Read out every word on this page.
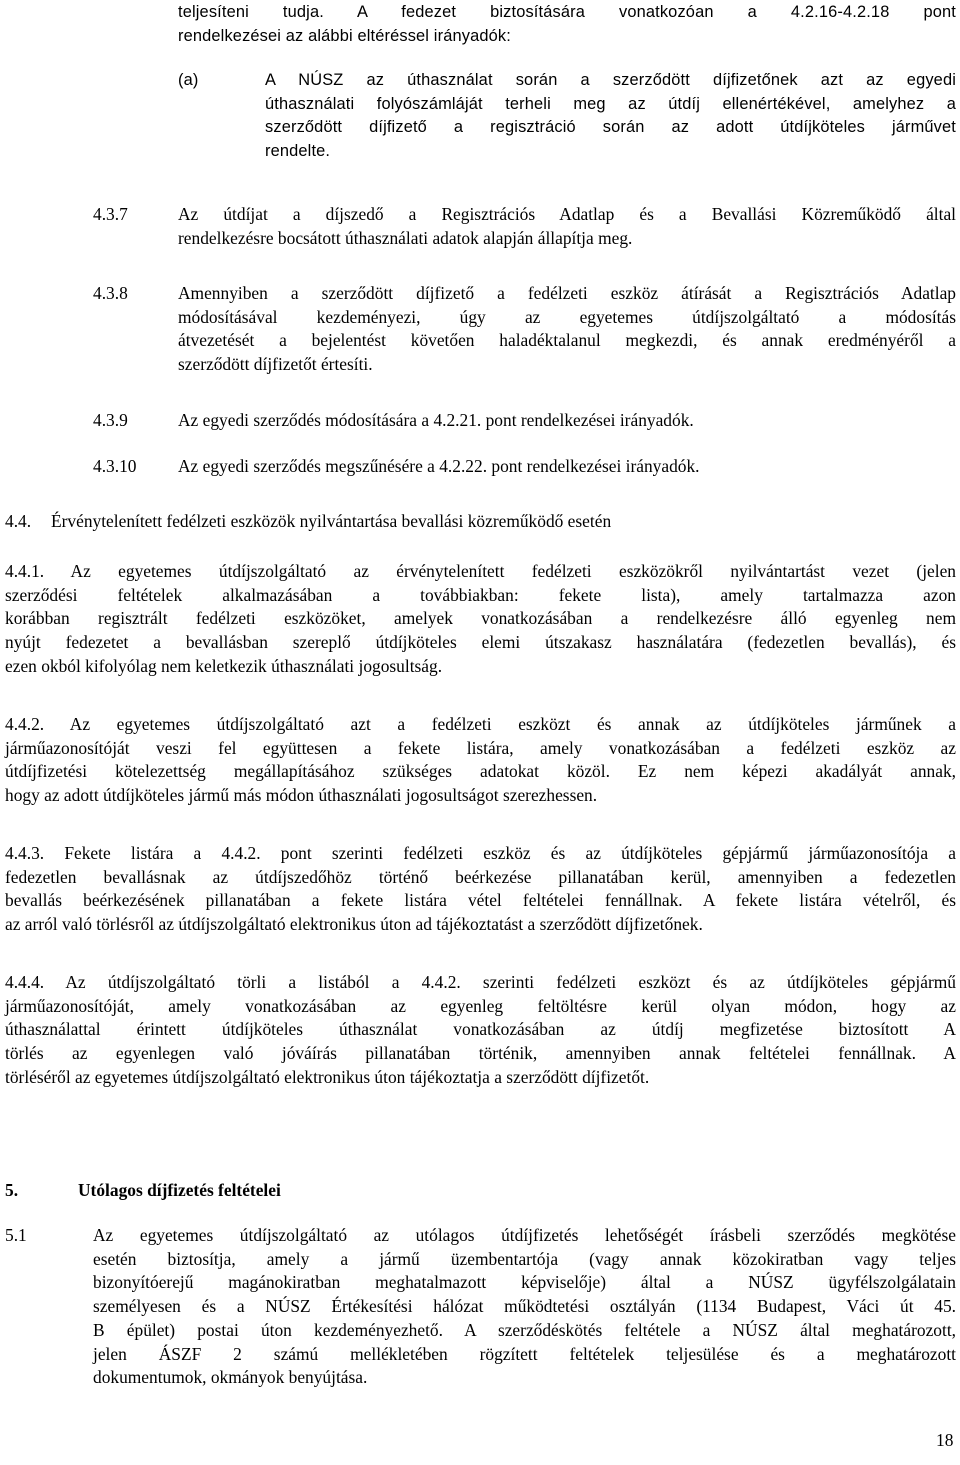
teljesíteni tudja. A fedezet biztosítására vonatkozóan a 4.2.16-4.2.18 pont

rendelkezései az alábbi eltéréssel irányadók:

(a)	A NÚSZ az úthasználat során a szerződött díjfizetőnek azt az egyedi

úthasználati folyószámláját terheli meg az útdíj ellenértékével, amelyhez a

szerződött díjfizető a regisztráció során az adott útdíjköteles járművet

rendelte.

4.3.7	Az útdíjat a díjszedő a Regisztrációs Adatlap és a Bevallási Közreműködő által

rendelkezésre bocsátott úthasználati adatok alapján állapítja meg.

4.3.8	Amennyiben a szerződött díjfizető a fedélzeti eszköz átírását a Regisztrációs Adatlap

módosításával kezdeményezi, úgy az egyetemes útdíjszolgáltató a módosítás

átvezetését a bejelentést követően haladéktalanul megkezdi, és annak eredményéről a

szerződött díjfizetőt értesíti.

4.3.9	Az egyedi szerződés módosítására a 4.2.21. pont rendelkezései irányadók.

4.3.10 Az egyedi szerződés megszűnésére a 4.2.22. pont rendelkezései irányadók.

4.4. Érvénytelenített fedélzeti eszközök nyilvántartása bevallási közreműködő esetén

4.4.1. Az egyetemes útdíjszolgáltató az érvénytelenített fedélzeti eszközökről nyilvántartást vezet (jelen

szerződési feltételek alkalmazásában a továbbiakban: fekete lista), amely tartalmazza azon

korábban regisztrált fedélzeti eszközöket, amelyek vonatkozásában a rendelkezésre álló egyenleg nem

nyújt fedezetet a bevallásban szereplő útdíjköteles elemi útszakasz használatára (fedezetlen bevallás), és

ezen okból kifolyólag nem keletkezik úthasználati jogosultság.

4.4.2. Az egyetemes útdíjszolgáltató azt a fedélzeti eszközt és annak az útdíjköteles járműnek a

járműazonosítóját veszi fel együttesen a fekete listára, amely vonatkozásában a fedélzeti eszköz az

útdíjfizetési kötelezettség megállapításához szükséges adatokat közöl. Ez nem képezi akadályát annak,

hogy az adott útdíjköteles jármű más módon úthasználati jogosultságot szerezhessen.

4.4.3. Fekete listára a 4.4.2. pont szerinti fedélzeti eszköz és az útdíjköteles gépjármű járműazonosítója a

fedezetlen bevallásnak az útdíjszedőhöz történő beérkezése pillanatában kerül, amennyiben a fedezetlen

bevallás beérkezésének pillanatában a fekete listára vétel feltételei fennállnak. A fekete listára vételről, és

az arról való törlésről az útdíjszolgáltató elektronikus úton ad tájékoztatást a szerződött díjfizetőnek.

4.4.4. Az útdíjszolgáltató törli a listából a 4.4.2. szerinti fedélzeti eszközt és az útdíjköteles gépjármű

járműazonosítóját, amely vonatkozásában az egyenleg feltöltésre kerül olyan módon, hogy az

úthasználattal érintett útdíjköteles úthasználat vonatkozásában az útdíj megfizetése biztosított A

törlés az egyenlegen való jóváírás pillanatában történik, amennyiben annak feltételei fennállnak. A

törléséről az egyetemes útdíjszolgáltató elektronikus úton tájékoztatja a szerződött díjfizetőt.

5.	Utólagos díjfizetés feltételei

5.1	Az egyetemes útdíjszolgáltató az utólagos útdíjfizetés lehetőségét írásbeli szerződés megkötése

esetén biztosítja, amely a jármű üzembentartója (vagy annak közokiratban vagy teljes

bizonyítóerejű magánokiratban meghatalmazott képviselője) által a NÚSZ ügyfélszolgálatain

személyesen és a NÚSZ Értékesítési hálózat működtetési osztályán (1134 Budapest, Váci út 45.

B épület) postai úton kezdeményezhető. A szerződéskötés feltétele a NÚSZ által meghatározott,

jelen ÁSZF 2 számú mellékletében rögzített feltételek teljesülése és a meghatározott

dokumentumok, okmányok benyújtása.

18
